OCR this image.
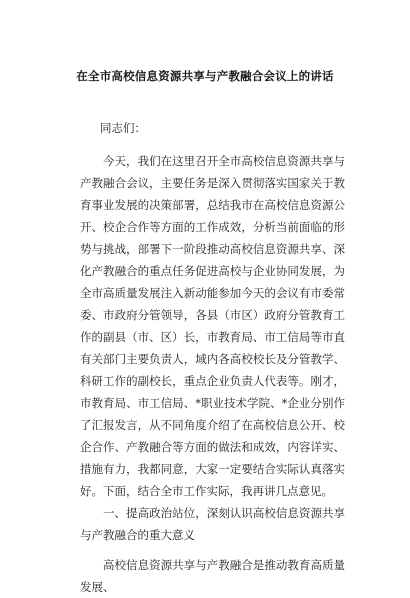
在全市高校信息资源共享与产教融合会议上的讲话
同志们：

今天，我们在这里召开全市高校信息资源共享与产教融合会议，主要任务是深入贯彻落实国家关于教育事业发展的决策部署，总结我市在高校信息资源公开、校企合作等方面的工作成效，分析当前面临的形势与挑战，部署下一阶段推动高校信息资源共享、深化产教融合的重点任务促进高校与企业协同发展，为全市高质量发展注入新动能参加今天的会议有市委常委、市政府分管领导，各县（市区）政府分管教育工作的副县（市、区）长，市教育局、市工信局等市直有关部门主要负责人，域内各高校校长及分管教学、科研工作的副校长，重点企业负责人代表等。刚才，市教育局、市工信局、*职业技术学院、*企业分别作了汇报发言，从不同角度介绍了在高校信息公开、校企合作、产教融合等方面的做法和成效，内容详实、措施有力，我都同意，大家一定要结合实际认真落实好。下面，结合全市工作实际，我再讲几点意见。

一、提高政治站位，深刻认识高校信息资源共享与产教融合的重大意义

高校信息资源共享与产教融合是推动教育高质量发展、
